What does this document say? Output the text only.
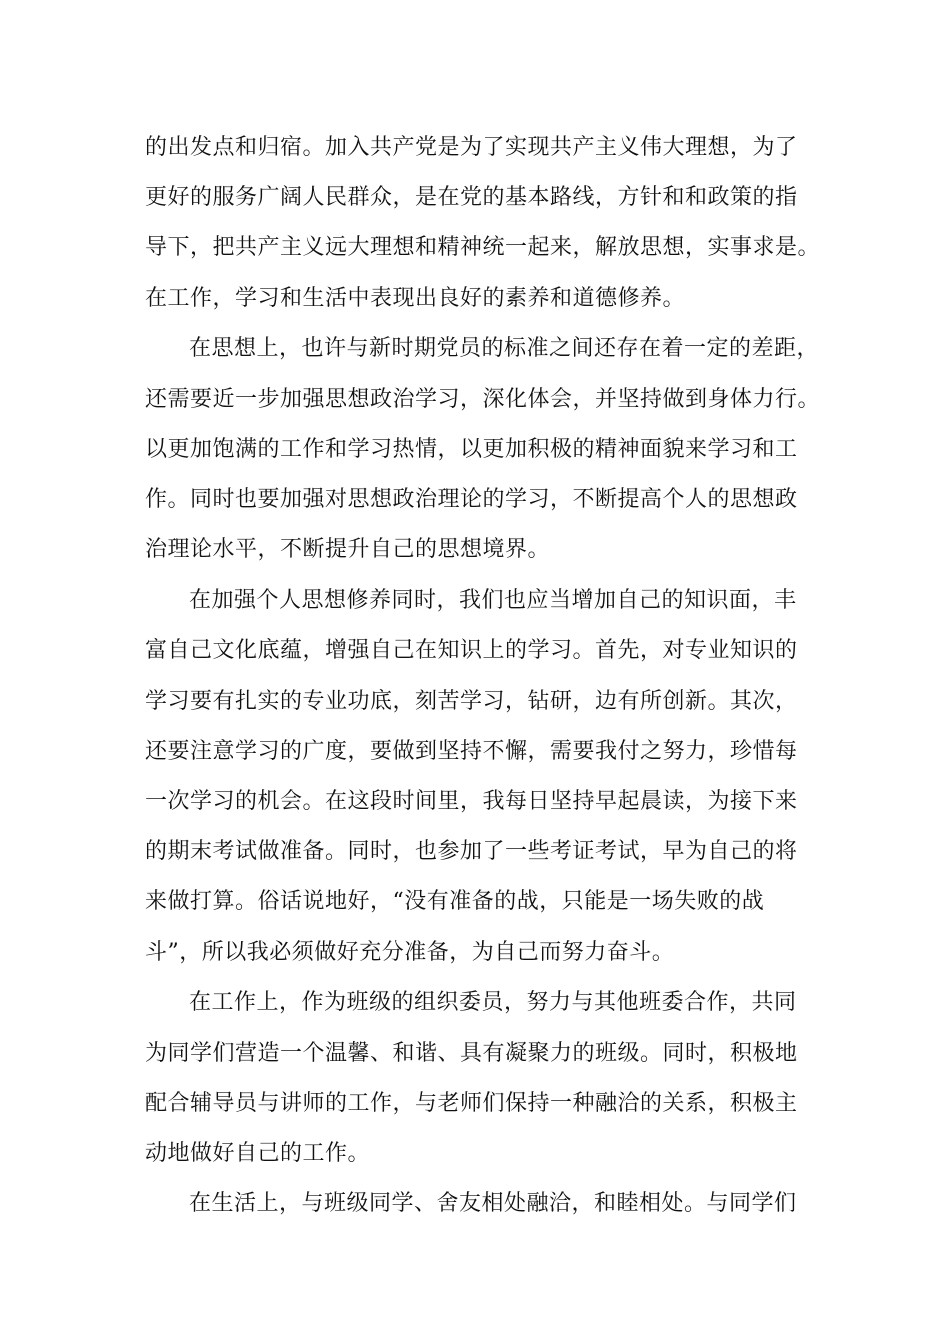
的出发点和归宿。加入共产党是为了实现共产主义伟大理想，为了
更好的服务广阔人民群众，是在党的基本路线，方针和和政策的指
导下，把共产主义远大理想和精神统一起来，解放思想，实事求是。
在工作，学习和生活中表现出良好的素养和道德修养。
在思想上，也许与新时期党员的标准之间还存在着一定的差距，
还需要近一步加强思想政治学习，深化体会，并坚持做到身体力行。
以更加饱满的工作和学习热情，以更加积极的精神面貌来学习和工
作。同时也要加强对思想政治理论的学习，不断提高个人的思想政
治理论水平，不断提升自己的思想境界。
在加强个人思想修养同时，我们也应当增加自己的知识面，丰
富自己文化底蕴，增强自己在知识上的学习。首先，对专业知识的
学习要有扎实的专业功底，刻苦学习，钻研，边有所创新。其次，
还要注意学习的广度，要做到坚持不懈，需要我付之努力，珍惜每
一次学习的机会。在这段时间里，我每日坚持早起晨读，为接下来
的期末考试做准备。同时，也参加了一些考证考试，早为自己的将
来做打算。俗话说地好，“没有准备的战，只能是一场失败的战
斗”，所以我必须做好充分准备，为自己而努力奋斗。
在工作上，作为班级的组织委员，努力与其他班委合作，共同
为同学们营造一个温馨、和谐、具有凝聚力的班级。同时，积极地
配合辅导员与讲师的工作，与老师们保持一种融洽的关系，积极主
动地做好自己的工作。
在生活上，与班级同学、舍友相处融洽，和睦相处。与同学们
